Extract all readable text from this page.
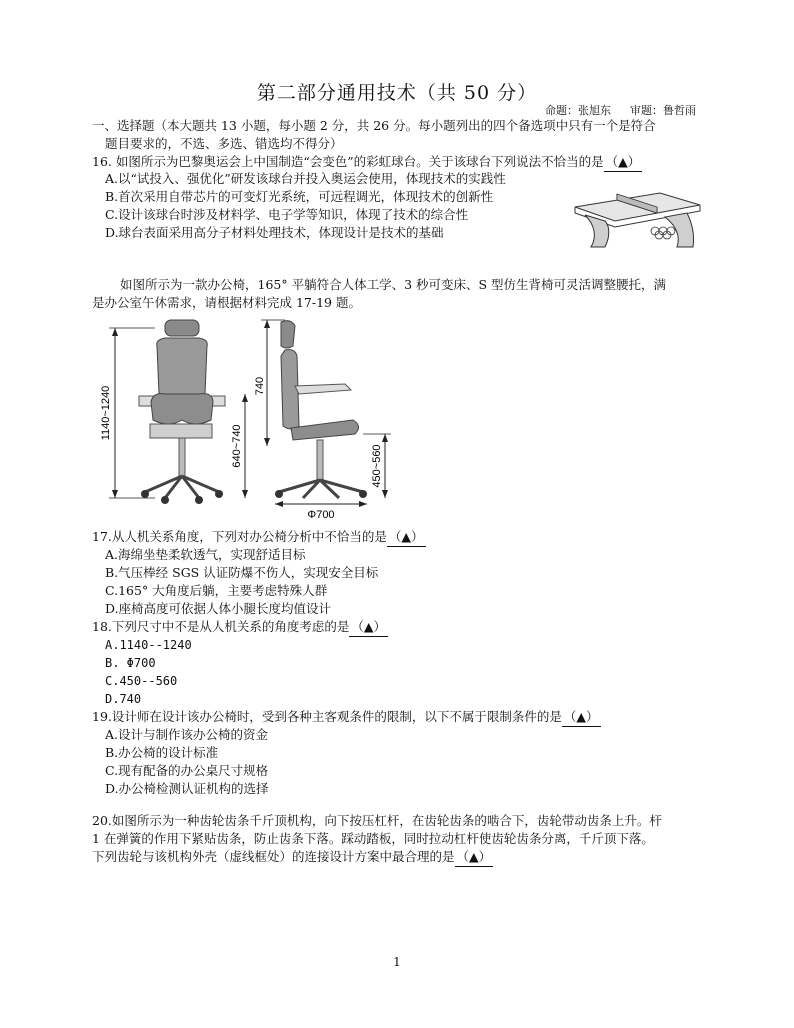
第二部分通用技术（共 50 分）
命题：张旭东 审题：鲁哲雨
一、选择题（本大题共 13 小题，每小题 2 分，共 26 分。每小题列出的四个备选项中只有一个是符合
题目要求的，不选、多选、错选均不得分）
16. 如图所示为巴黎奥运会上中国制造“会变色”的彩虹球台。关于该球台下列说法不恰当的是 （▲）
A.以“试投入、强优化”研发该球台并投入奥运会使用，体现技术的实践性
B.首次采用自带芯片的可变灯光系统，可远程调光，体现技术的创新性
C.设计该球台时涉及材料学、电子学等知识，体现了技术的综合性
D.球台表面采用高分子材料处理技术，体现设计是技术的基础
如图所示为一款办公椅，165° 平躺符合人体工学、3 秒可变床、S 型仿生背椅可灵活调整腰托，满
是办公室午休需求，请根据材料完成 17-19 题。
1140~1240
640~740
740
450~560
Φ700
17.从人机关系角度，下列对办公椅分析中不恰当的是 （▲）
A.海绵坐垫柔软透气，实现舒适目标
B.气压棒经 SGS 认证防爆不伤人，实现安全目标
C.165° 大角度后躺，主要考虑特殊人群
D.座椅高度可依据人体小腿长度均值设计
18.下列尺寸中不是从人机关系的角度考虑的是 （▲）
A.1140--1240
B. Φ700
C.450--560
D.740
19.设计师在设计该办公椅时，受到各种主客观条件的限制，以下不属于限制条件的是 （▲）
A.设计与制作该办公椅的资金
B.办公椅的设计标准
C.现有配备的办公桌尺寸规格
D.办公椅检测认证机构的选择
20.如图所示为一种齿轮齿条千斤顶机构，向下按压杠杆，在齿轮齿条的啮合下，齿轮带动齿条上升。杆
1 在弹簧的作用下紧贴齿条，防止齿条下落。踩动踏板，同时拉动杠杆使齿轮齿条分离，千斤顶下落。
下列齿轮与该机构外壳（虚线框处）的连接设计方案中最合理的是 （▲）
1
